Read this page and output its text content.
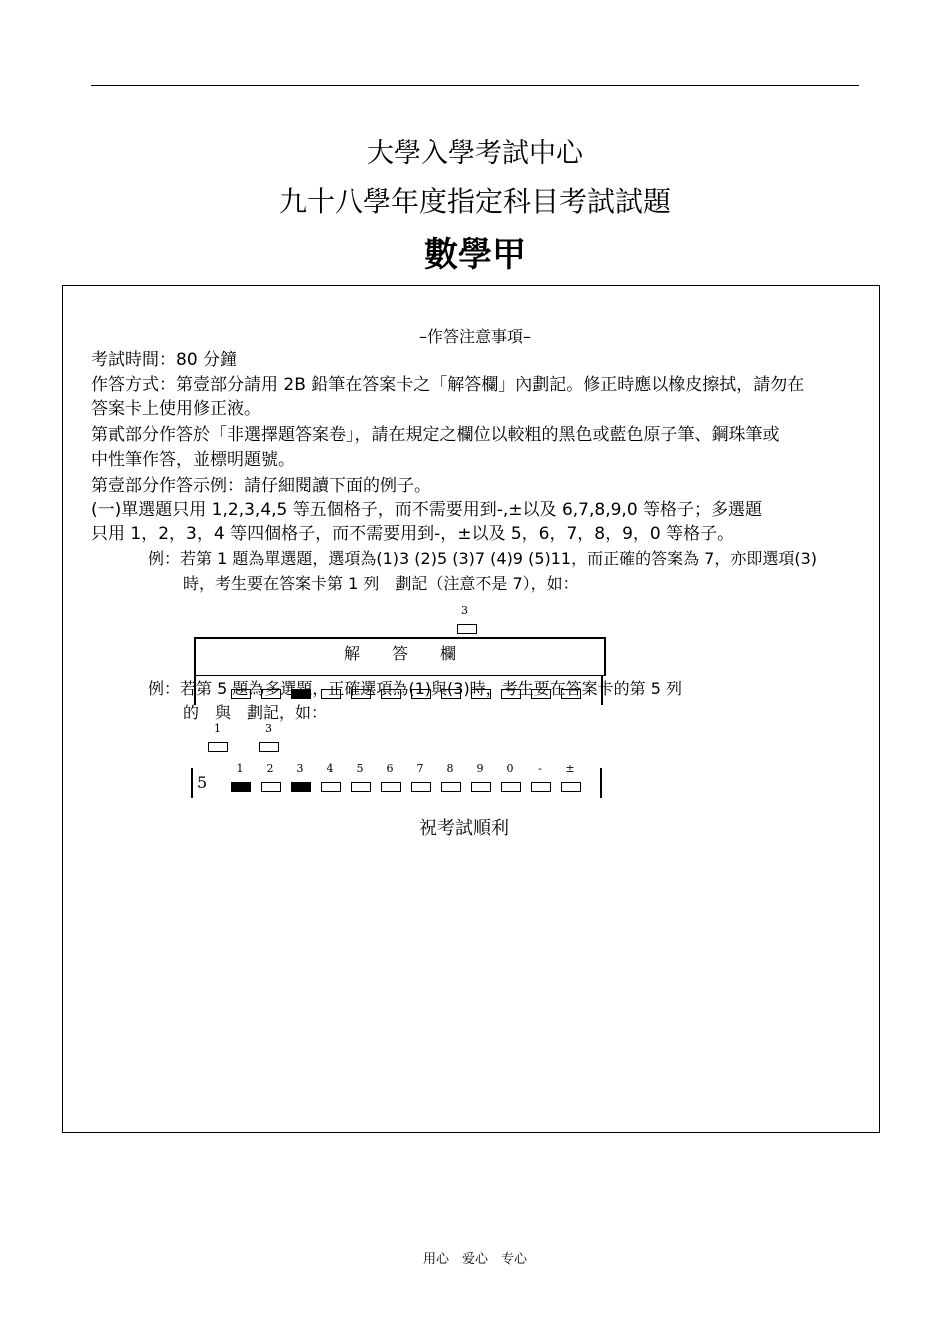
大學入學考試中心
九十八學年度指定科目考試試題
數學甲
–作答注意事項–
考試時間：80 分鐘
作答方式：第壹部分請用 2B 鉛筆在答案卡之「解答欄」內劃記。修正時應以橡皮擦拭，請勿在
答案卡上使用修正液。
第貳部分作答於「非選擇題答案卷」，請在規定之欄位以較粗的黑色或藍色原子筆、鋼珠筆或
中性筆作答，並標明題號。
第壹部分作答示例：請仔細閱讀下面的例子。
(一)單選題只用 1,2,3,4,5 等五個格子，而不需要用到-,±以及 6,7,8,9,0 等格子；多選題
只用 1，2，3，4 等四個格子，而不需要用到-，±以及 5，6，7，8，9，0 等格子。
例：若第 1 題為單選題，選項為(1)3 (2)5 (3)7 (4)9 (5)11，而正確的答案為 7，亦即選項(3)
時，考生要在答案卡第 1 列　劃記（注意不是 7），如：
3
解　　答　　欄
例：若第 5 題為多選題，正確選項為(1)與(3)時，考生要在答案卡的第 5 列
的　與　劃記，如：
1	3
5
1	2	3	4	5	6	7	8	9	0	-	±
祝考試順利
用心　爱心　专心
